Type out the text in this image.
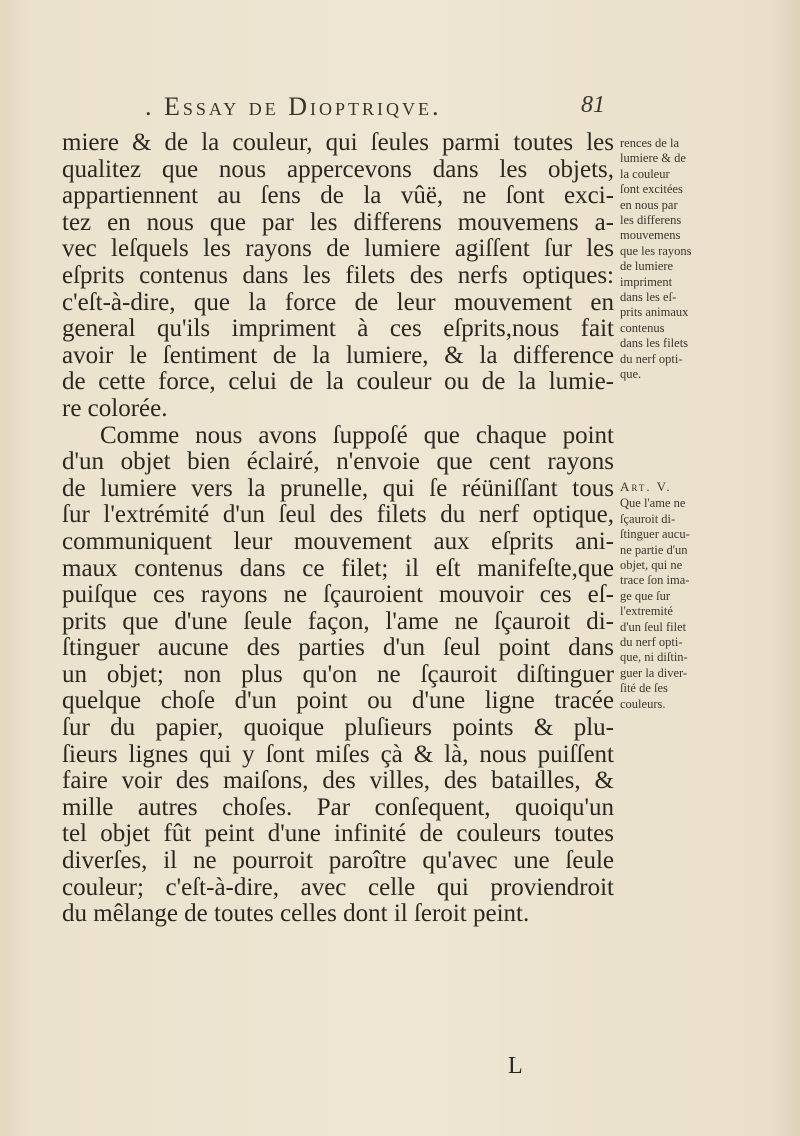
. Essay de Dioptriqve.	81
miere & de la couleur, qui ſeules parmi toutes les
qualitez que nous appercevons dans les objets,
appartiennent au ſens de la vûë, ne ſont exci-
tez en nous que par les differens mouvemens a-
vec leſquels les rayons de lumiere agiſſent ſur les
eſprits contenus dans les filets des nerfs optiques:
c'eſt-à-dire, que la force de leur mouvement en
general qu'ils impriment à ces eſprits,nous fait
avoir le ſentiment de la lumiere, & la difference
de cette force, celui de la couleur ou de la lumie-
re colorée.
Comme nous avons ſuppoſé que chaque point
d'un objet bien éclairé, n'envoie que cent rayons
de lumiere vers la prunelle, qui ſe réüniſſant tous
ſur l'extrémité d'un ſeul des filets du nerf optique,
communiquent leur mouvement aux eſprits ani-
maux contenus dans ce filet; il eſt manifeſte,que
puiſque ces rayons ne ſçauroient mouvoir ces eſ-
prits que d'une ſeule façon, l'ame ne ſçauroit di-
ſtinguer aucune des parties d'un ſeul point dans
un objet; non plus qu'on ne ſçauroit diſtinguer
quelque choſe d'un point ou d'une ligne tracée
ſur du papier, quoique pluſieurs points & plu-
ſieurs lignes qui y ſont miſes çà & là, nous puiſſent
faire voir des maiſons, des villes, des batailles, &
mille autres choſes. Par conſequent, quoiqu'un
tel objet fût peint d'une infinité de couleurs toutes
diverſes, il ne pourroit paroître qu'avec une ſeule
couleur; c'eſt-à-dire, avec celle qui proviendroit
du mêlange de toutes celles dont il ſeroit peint.
rences de la
lumiere & de
la couleur
ſont excitées
en nous par
les differens
mouvemens
que les rayons
de lumiere
impriment
dans les eſ-
prits animaux
contenus
dans les filets
du nerf opti-
que.
Art. V.
Que l'ame ne
ſçauroit di-
ſtinguer aucu-
ne partie d'un
objet, qui ne
trace ſon ima-
ge que ſur
l'extremité
d'un ſeul filet
du nerf opti-
que, ni diſtin-
guer la diver-
ſité de ſes
couleurs.
L
